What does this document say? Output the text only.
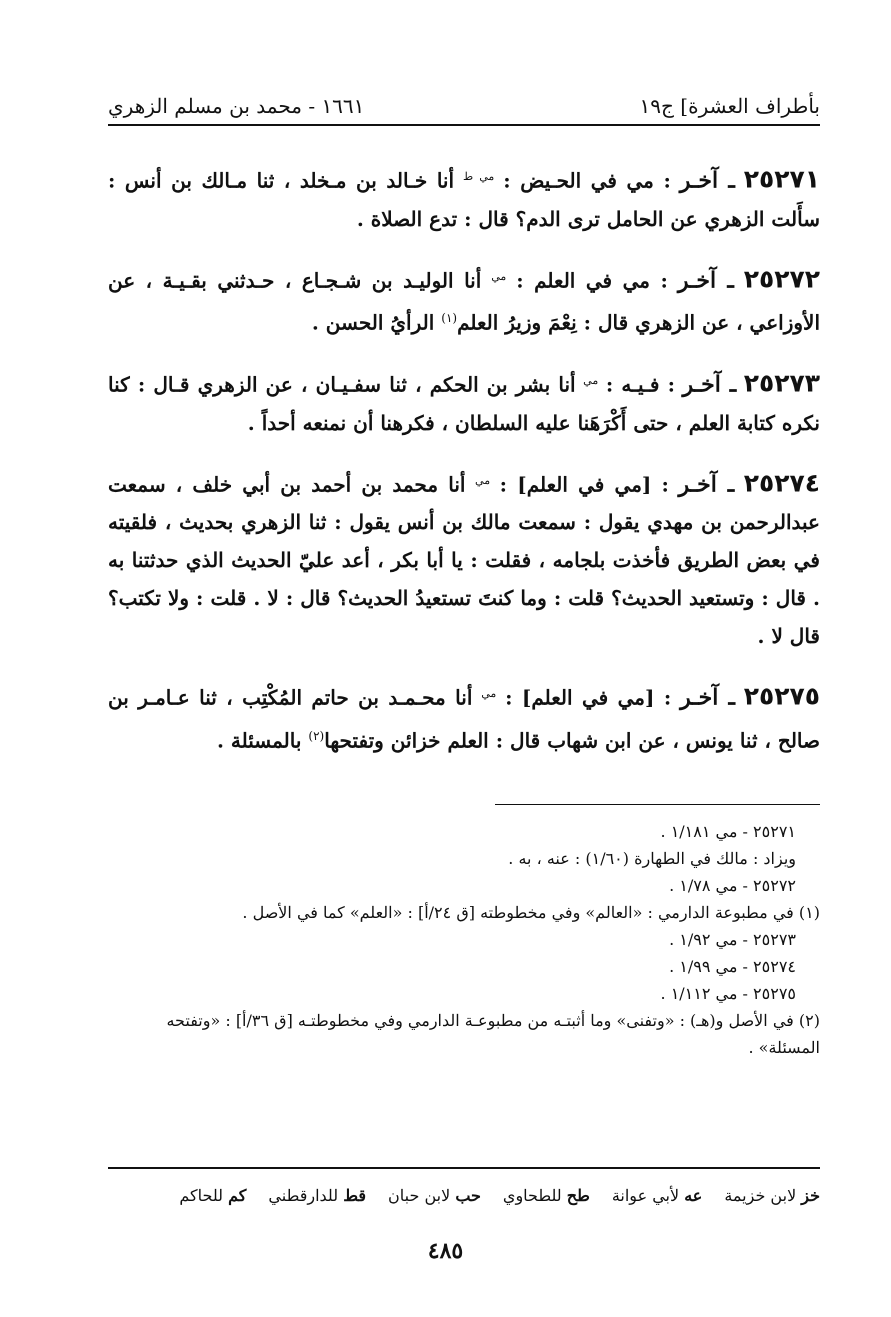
بأطراف العشرة] ج١٩
١٦٦١ - محمد بن مسلم الزهري

٢٥٢٧١ ـ آخـر : مي في الحـيض : $^{مي ط}$ أنا خـالد بن مـخلد ، ثنا مـالك بن أنس : سأَلت الزهري عن الحامل ترى الدم؟ قال : تدع الصلاة .

٢٥٢٧٢ ـ آخـر : مي في العلم : $^{مي}$ أنا الوليـد بن شـجـاع ، حـدثني بقـيـة ، عن الأوزاعي ، عن الزهري قال : نِعْمَ وزيرُ العلم$^{(١)}$ الرأيُ الحسن .

٢٥٢٧٣ ـ آخـر : فـيـه : $^{مي}$ أنا بشر بن الحكم ، ثنا سفـيـان ، عن الزهري قـال : كنا نكره كتابة العلم ، حتى أَكْرَهَنا عليه السلطان ، فكرهنا أن نمنعه أحداً .

٢٥٢٧٤ ـ آخـر : [مي في العلم] : $^{مي}$ أنا محمد بن أحمد بن أبي خلف ، سمعت عبدالرحمن بن مهدي يقول : سمعت مالك بن أنس يقول : ثنا الزهري بحديث ، فلقيته في بعض الطريق فأخذت بلجامه ، فقلت : يا أبا بكر ، أعد عليّ الحديث الذي حدثتنا به . قال : وتستعيد الحديث؟ قلت : وما كنتَ تستعيدُ الحديث؟ قال : لا . قلت : ولا تكتب؟ قال لا .

٢٥٢٧٥ ـ آخـر : [مي في العلم] : $^{مي}$ أنا محـمـد بن حاتم المُكْتِب ، ثنا عـامـر بن صالح ، ثنا يونس ، عن ابن شهاب قال : العلم خزائن وتفتحها$^{(٢)}$ بالمسئلة .

٢٥٢٧١ - مي ١/١٨١ .

ويزاد : مالك في الطهارة (١/٦٠) : عنه ، به .

٢٥٢٧٢ - مي ١/٧٨ .

(١) في مطبوعة الدارمي : «العالم» وفي مخطوطته [ق ٢٤/أ] : «العلم» كما في الأصل .

٢٥٢٧٣ - مي ١/٩٢ .

٢٥٢٧٤ - مي ١/٩٩ .

٢٥٢٧٥ - مي ١/١١٢ .

(٢) في الأصل و(هـ) : «وتفنى» وما أثبتـه من مطبوعـة الدارمي وفي مخطوطتـه [ق ٣٦/أ] : «وتفتحه المسئلة» .

خز لابن خزيمة
عه لأبي عوانة
طح للطحاوي
حب لابن حبان
قط للدارقطني
كم للحاكم
٤٨٥
